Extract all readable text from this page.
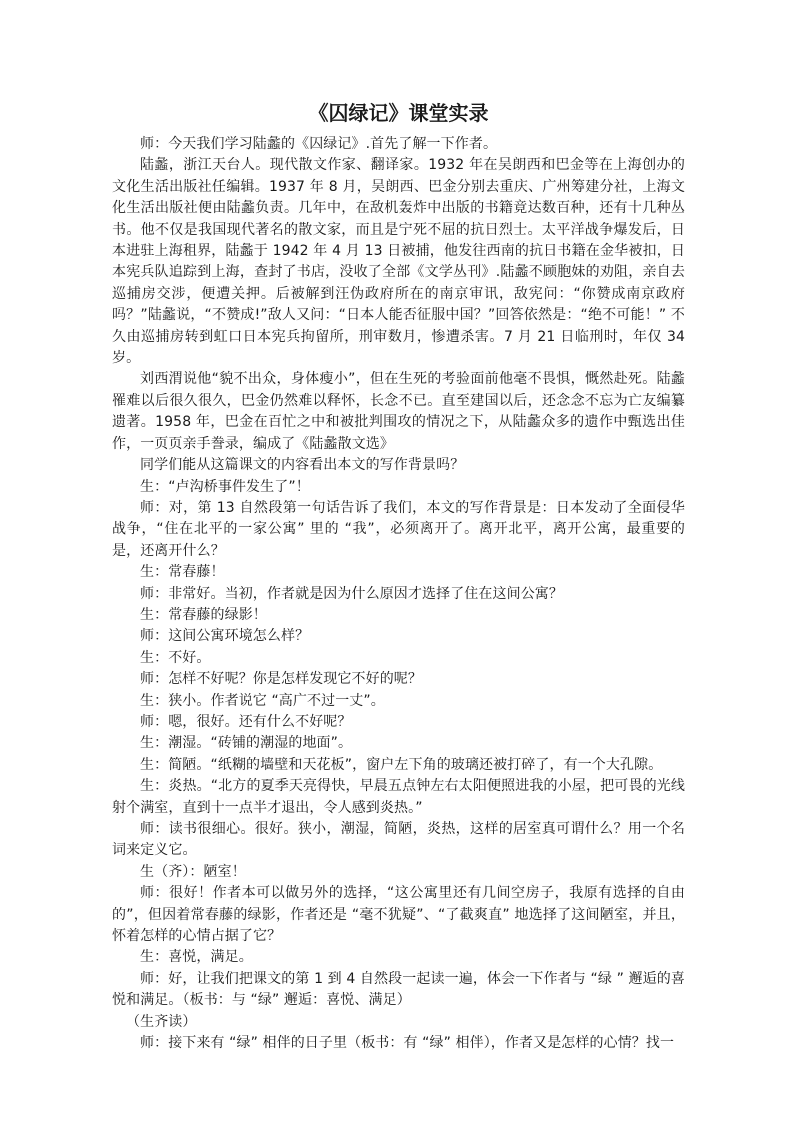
《囚绿记》课堂实录

师：今天我们学习陆蠡的《囚绿记》.首先了解一下作者。

陆蠡，浙江天台人。现代散文作家、翻译家。1932 年在吴朗西和巴金等在上海创办的文化生活出版社任编辑。1937 年 8 月，吴朗西、巴金分别去重庆、广州筹建分社，上海文化生活出版社便由陆蠡负责。几年中，在敌机轰炸中出版的书籍竟达数百种，还有十几种丛书。他不仅是我国现代著名的散文家，而且是宁死不屈的抗日烈士。太平洋战争爆发后，日本进驻上海租界，陆蠡于 1942 年 4 月 13 日被捕，他发往西南的抗日书籍在金华被扣，日本宪兵队追踪到上海，查封了书店，没收了全部《文学丛刊》.陆蠡不顾胞妹的劝阻，亲自去巡捕房交涉，便遭关押。后被解到汪伪政府所在的南京审讯，敌宪问：“你赞成南京政府吗？”陆蠡说，“不赞成!”敌人又问：“日本人能否征服中国？”回答依然是：“绝不可能！” 不久由巡捕房转到虹口日本宪兵拘留所，刑审数月，惨遭杀害。7 月 21 日临刑时，年仅 34 岁。

刘西渭说他“貌不出众，身体瘦小”，但在生死的考验面前他毫不畏惧，慨然赴死。陆蠡罹难以后很久很久，巴金仍然难以释怀，长念不已。直至建国以后，还念念不忘为亡友编纂遗著。1958 年，巴金在百忙之中和被批判围攻的情况之下，从陆蠡众多的遗作中甄选出佳作，一页页亲手誊录，编成了《陆蠡散文选》

同学们能从这篇课文的内容看出本文的写作背景吗？

生：“卢沟桥事件发生了”！

师：对，第 13 自然段第一句话告诉了我们，本文的写作背景是：日本发动了全面侵华战争，“住在北平的一家公寓” 里的 “我”，必须离开了。离开北平，离开公寓，最重要的是，还离开什么？

生：常春藤！

师：非常好。当初，作者就是因为什么原因才选择了住在这间公寓？

生：常春藤的绿影！

师：这间公寓环境怎么样？

生：不好。

师：怎样不好呢？你是怎样发现它不好的呢？

生：狭小。作者说它 “高广不过一丈”。

师：嗯，很好。还有什么不好呢？

生：潮湿。“砖铺的潮湿的地面”。

生：简陋。“纸糊的墙壁和天花板”，窗户左下角的玻璃还被打碎了，有一个大孔隙。

生：炎热。“北方的夏季天亮得快，早晨五点钟左右太阳便照进我的小屋，把可畏的光线射个满室，直到十一点半才退出，令人感到炎热。”

师：读书很细心。很好。狭小，潮湿，简陋，炎热，这样的居室真可谓什么？用一个名词来定义它。

生（齐）：陋室！

师：很好！作者本可以做另外的选择，“这公寓里还有几间空房子，我原有选择的自由的”，但因着常春藤的绿影，作者还是 “毫不犹疑”、“了截爽直” 地选择了这间陋室，并且，怀着怎样的心情占据了它？

生：喜悦，满足。

师：好，让我们把课文的第 1 到 4 自然段一起读一遍，体会一下作者与 “绿 ” 邂逅的喜悦和满足。（板书：与 “绿” 邂逅：喜悦、满足）

（生齐读）

师：接下来有 “绿” 相伴的日子里（板书：有 “绿” 相伴），作者又是怎样的心情？找一
